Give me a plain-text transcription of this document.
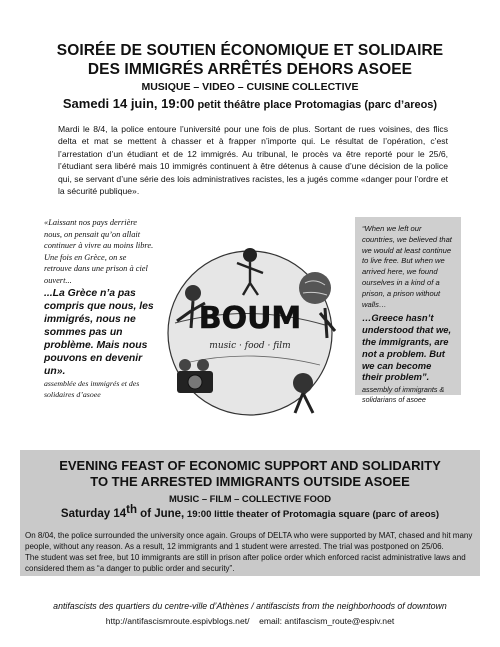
SOIRÉE DE SOUTIEN ÉCONOMIQUE ET SOLIDAIRE
DES IMMIGRÉS ARRÊTÉS DEHORS ASOEE
MUSIQUE – VIDEO – CUISINE COLLECTIVE
Samedi 14 juin, 19:00 petit théâtre place Protomagias (parc d’areos)
Mardi le 8/4, la police entoure l’université pour une fois de plus. Sortant de rues voisines, des flics delta et mat se mettent à chasser et à frapper n’importe qui. Le résultat de l’opération, c’est l’arrestation d’un étudiant et de 12 immigrés. Au tribunal, le procès va être reporté pour le 25/6, l’étudiant sera libéré mais 10 immigrés continuent à être détenus à cause d’une décision de la police qui, se servant d’une série des lois administratives racistes, les a jugés comme «danger pour l’ordre et la sécurité publique».
«Laissant nos pays derrière nous, on pensait qu’on allait continuer à vivre au moins libre. Une fois en Grèce, on se retrouve dans une prison à ciel ouvert...
...La Grèce n’a pas compris que nous, les immigrés, nous ne sommes pas un problème. Mais nous pouvons en devenir un».
assemblée des immigrés et des solidaires d’asoee
BOUM
music · food · film
“When we left our countries, we believed that we would at least continue to live free. But when we arrived here, we found ourselves in a kind of a prison, a prison without walls…
…Greece hasn’t understood that we, the immigrants, are not a problem. But we can become their problem”.
assembly of immigrants & solidarians of asoee
EVENING FEAST OF ECONOMIC SUPPORT AND SOLIDARITY
TO THE ARRESTED IMMIGRANTS OUTSIDE ASOEE
MUSIC – FILM – COLLECTIVE FOOD
Saturday 14th of June, 19:00 little theater of Protomagia square (parc of areos)
On 8/04, the police surrounded the university once again. Groups of DELTA who were supported by MAT, chased and hit many people, without any reason. As a result, 12 immigrants and 1 student were arrested. The trial was postponed on 25/06.
The student was set free, but 10 immigrants are still in prison after police order which enforced racist administrative laws and considered them as “a danger to public order and security”.
antifascists des quartiers du centre-ville d’Athènes / antifascists from the neighborhoods of downtown
http://antifascismroute.espivblogs.net/ email: antifascism_route@espiv.net
